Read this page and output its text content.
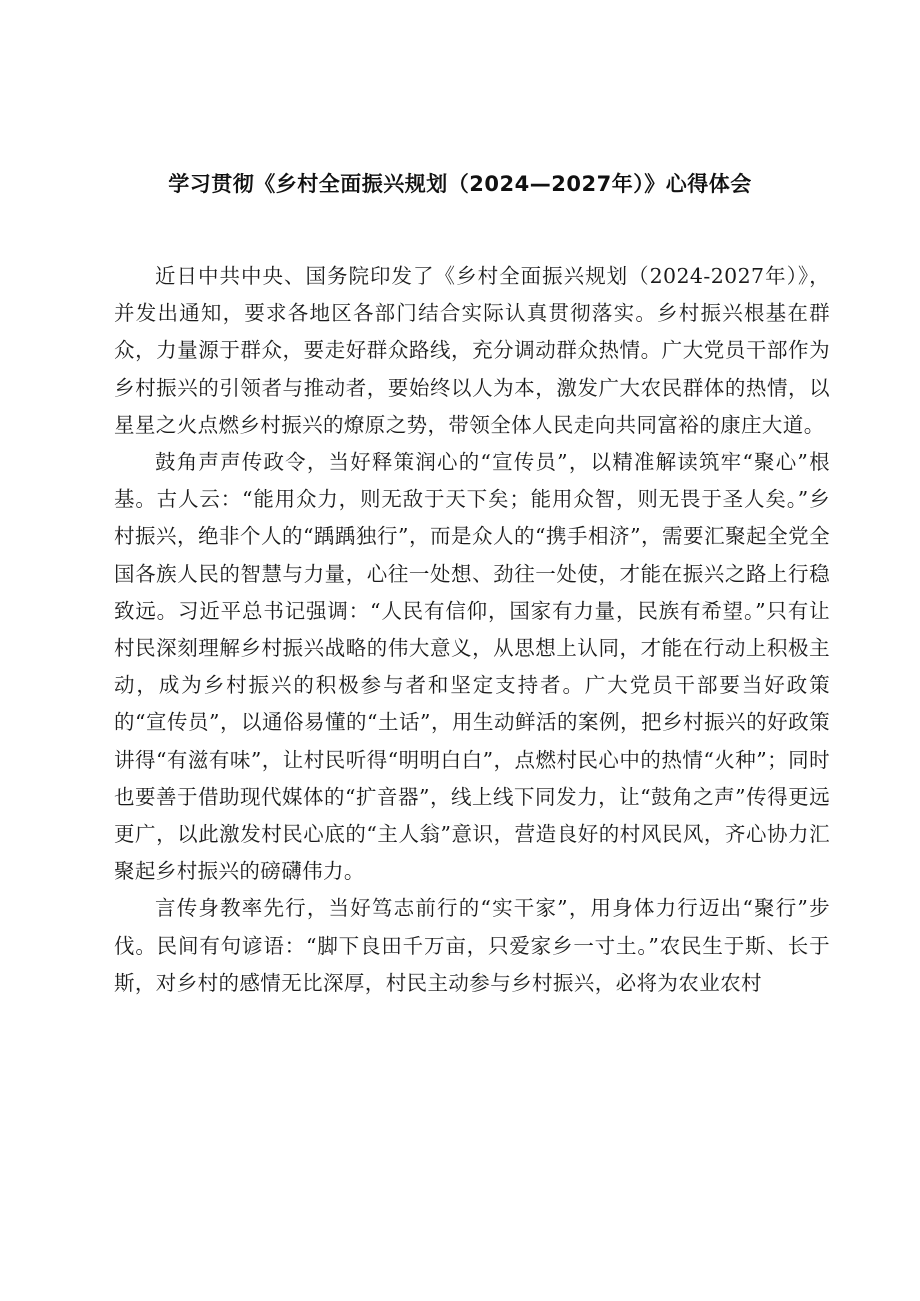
学习贯彻《乡村全面振兴规划（2024—2027年）》心得体会

近日中共中央、国务院印发了《乡村全面振兴规划（2024-2027年）》，并发出通知，要求各地区各部门结合实际认真贯彻落实。乡村振兴根基在群众，力量源于群众，要走好群众路线，充分调动群众热情。广大党员干部作为乡村振兴的引领者与推动者，要始终以人为本，激发广大农民群体的热情，以星星之火点燃乡村振兴的燎原之势，带领全体人民走向共同富裕的康庄大道。

鼓角声声传政令，当好释策润心的“宣传员”，以精准解读筑牢“聚心”根基。古人云：“能用众力，则无敌于天下矣；能用众智，则无畏于圣人矣。”乡村振兴，绝非个人的“踽踽独行”，而是众人的“携手相济”，需要汇聚起全党全国各族人民的智慧与力量，心往一处想、劲往一处使，才能在振兴之路上行稳致远。习近平总书记强调：“人民有信仰，国家有力量，民族有希望。”只有让村民深刻理解乡村振兴战略的伟大意义，从思想上认同，才能在行动上积极主动，成为乡村振兴的积极参与者和坚定支持者。广大党员干部要当好政策的“宣传员”，以通俗易懂的“土话”，用生动鲜活的案例，把乡村振兴的好政策讲得“有滋有味”，让村民听得“明明白白”，点燃村民心中的热情“火种”；同时也要善于借助现代媒体的“扩音器”，线上线下同发力，让“鼓角之声”传得更远更广，以此激发村民心底的“主人翁”意识，营造良好的村风民风，齐心协力汇聚起乡村振兴的磅礴伟力。

言传身教率先行，当好笃志前行的“实干家”，用身体力行迈出“聚行”步伐。民间有句谚语：“脚下良田千万亩，只爱家乡一寸土。”农民生于斯、长于斯，对乡村的感情无比深厚，村民主动参与乡村振兴，必将为农业农村
